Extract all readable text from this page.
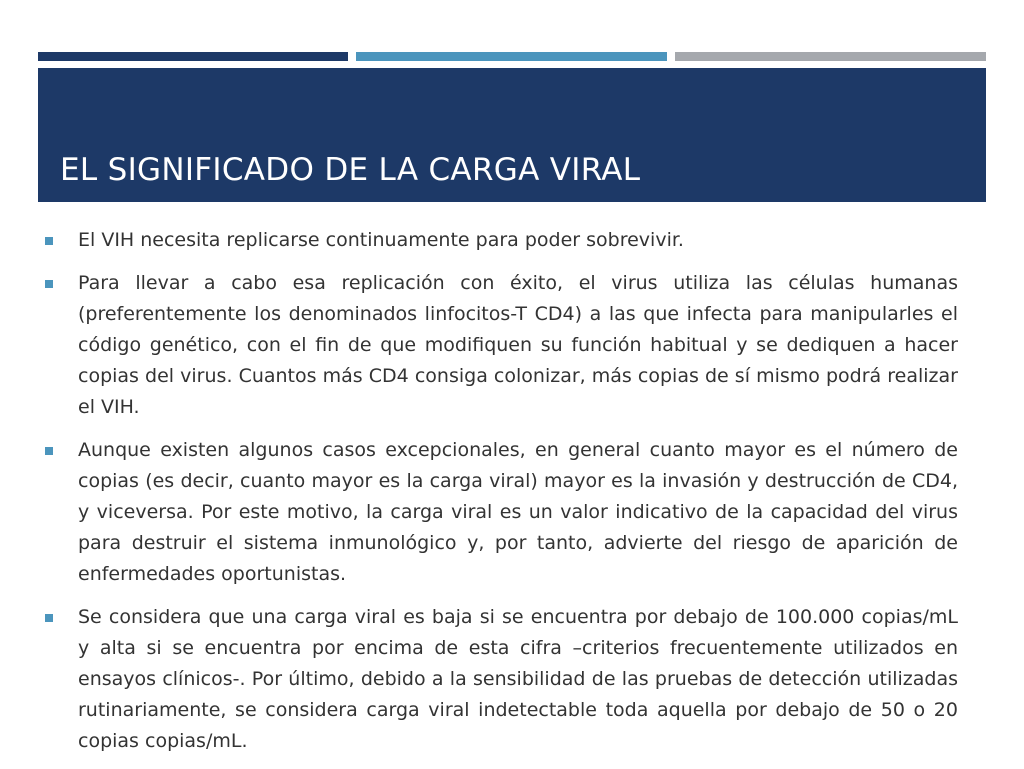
EL SIGNIFICADO DE LA CARGA VIRAL
El VIH necesita replicarse continuamente para poder sobrevivir.
Para llevar a cabo esa replicación con éxito, el virus utiliza las células humanas (preferentemente los denominados linfocitos-T CD4) a las que infecta para manipularles el código genético, con el fin de que modifiquen su función habitual y se dediquen a hacer copias del virus. Cuantos más CD4 consiga colonizar, más copias de sí mismo podrá realizar el VIH.
Aunque existen algunos casos excepcionales, en general cuanto mayor es el número de copias (es decir, cuanto mayor es la carga viral) mayor es la invasión y destrucción de CD4, y viceversa. Por este motivo, la carga viral es un valor indicativo de la capacidad del virus para destruir el sistema inmunológico y, por tanto, advierte del riesgo de aparición de enfermedades oportunistas.
Se considera que una carga viral es baja si se encuentra por debajo de 100.000 copias/mL y alta si se encuentra por encima de esta cifra –criterios frecuentemente utilizados en ensayos clínicos-. Por último, debido a la sensibilidad de las pruebas de detección utilizadas rutinariamente, se considera carga viral indetectable toda aquella por debajo de 50 o 20 copias copias/mL.
